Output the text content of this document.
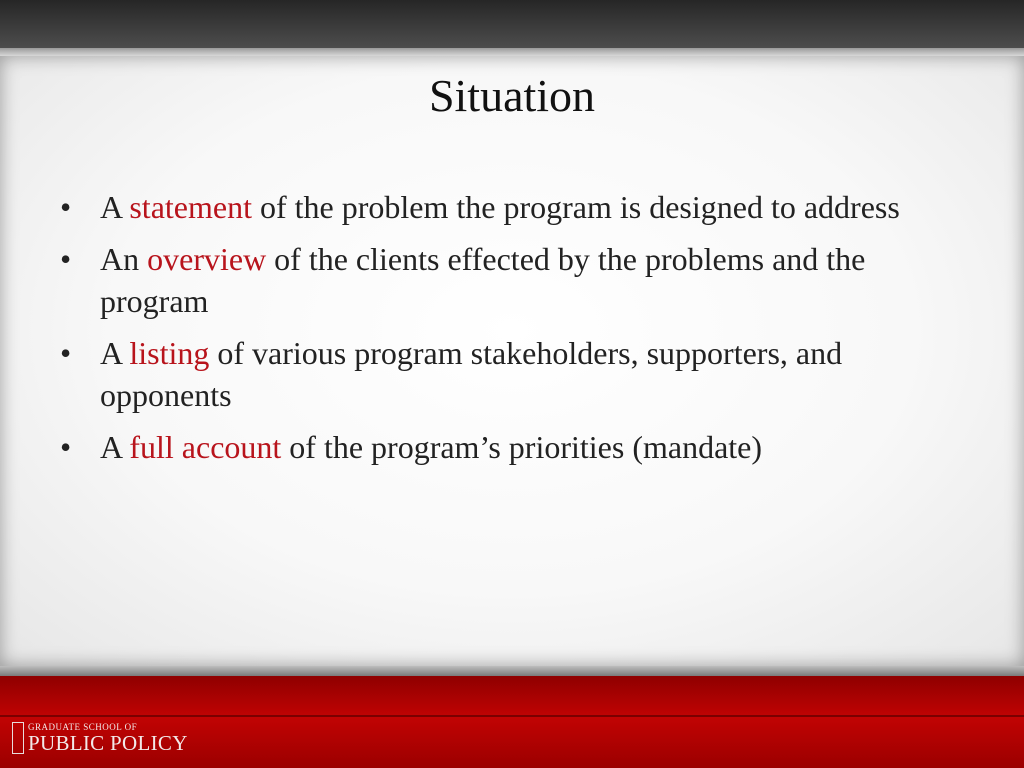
Situation
• A statement of the problem the program is designed to address
• An overview of the clients effected by the problems and the program
• A listing of various program stakeholders, supporters, and opponents
• A full account of the program’s priorities (mandate)
GRADUATE SCHOOL OF
PUBLIC POLICY
